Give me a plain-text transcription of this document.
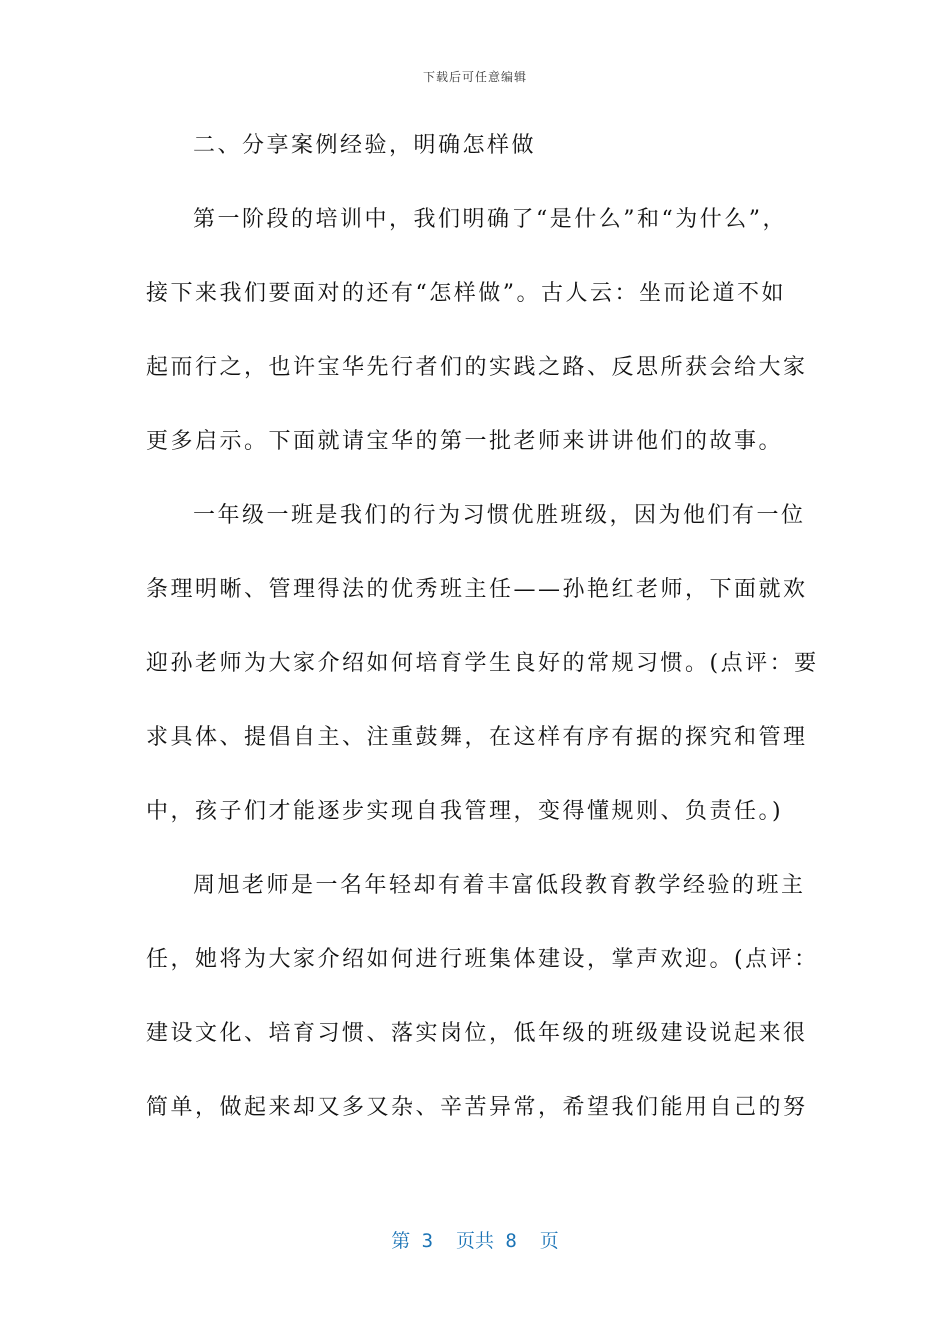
下载后可任意编辑
二、分享案例经验，明确怎样做
第一阶段的培训中，我们明确了“是什么”和“为什么”，
接下来我们要面对的还有“怎样做”。古人云：坐而论道不如
起而行之，也许宝华先行者们的实践之路、反思所获会给大家
更多启示。下面就请宝华的第一批老师来讲讲他们的故事。
一年级一班是我们的行为习惯优胜班级，因为他们有一位
条理明晰、管理得法的优秀班主任——孙艳红老师，下面就欢
迎孙老师为大家介绍如何培育学生良好的常规习惯。(点评：要
求具体、提倡自主、注重鼓舞，在这样有序有据的探究和管理
中，孩子们才能逐步实现自我管理，变得懂规则、负责任。)
周旭老师是一名年轻却有着丰富低段教育教学经验的班主
任，她将为大家介绍如何进行班集体建设，掌声欢迎。(点评：
建设文化、培育习惯、落实岗位，低年级的班级建设说起来很
简单，做起来却又多又杂、辛苦异常，希望我们能用自己的努
第 3  页共 8  页
